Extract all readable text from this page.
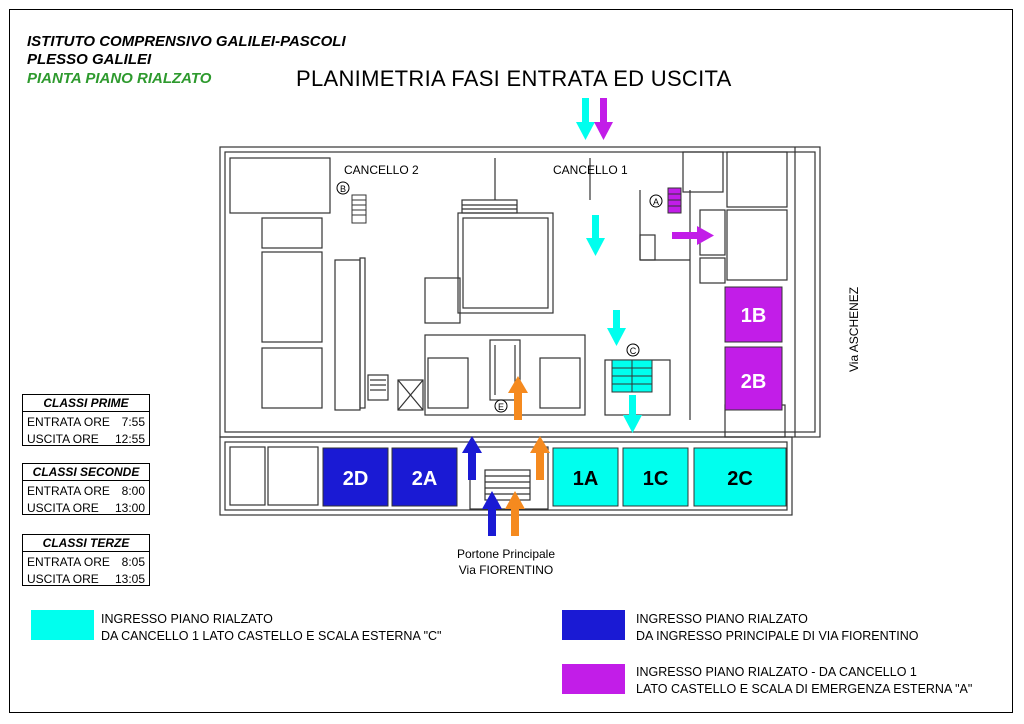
ISTITUTO COMPRENSIVO GALILEI-PASCOLI
PLESSO GALILEI
PIANTA PIANO RIALZATO	PLANIMETRIA FASI ENTRATA ED USCITA
2D 2A	1A 1C	2C
1B
2B
CANCELLO 2	CANCELLO 1
A
B
C
E
Via ASCHENEZ
Portone Principale
Via FIORENTINO
CLASSI PRIME
ENTRATA ORE 7:55
USCITA ORE 12:55
CLASSI SECONDE
ENTRATA ORE 8:00
USCITA ORE 13:00
CLASSI TERZE
ENTRATA ORE 8:05
USCITA ORE 13:05
INGRESSO PIANO RIALZATO
DA CANCELLO 1 LATO CASTELLO E SCALA ESTERNA "C"
INGRESSO PIANO RIALZATO
DA INGRESSO PRINCIPALE DI VIA FIORENTINO
INGRESSO PIANO RIALZATO - DA CANCELLO 1
LATO CASTELLO E SCALA DI EMERGENZA ESTERNA "A"
